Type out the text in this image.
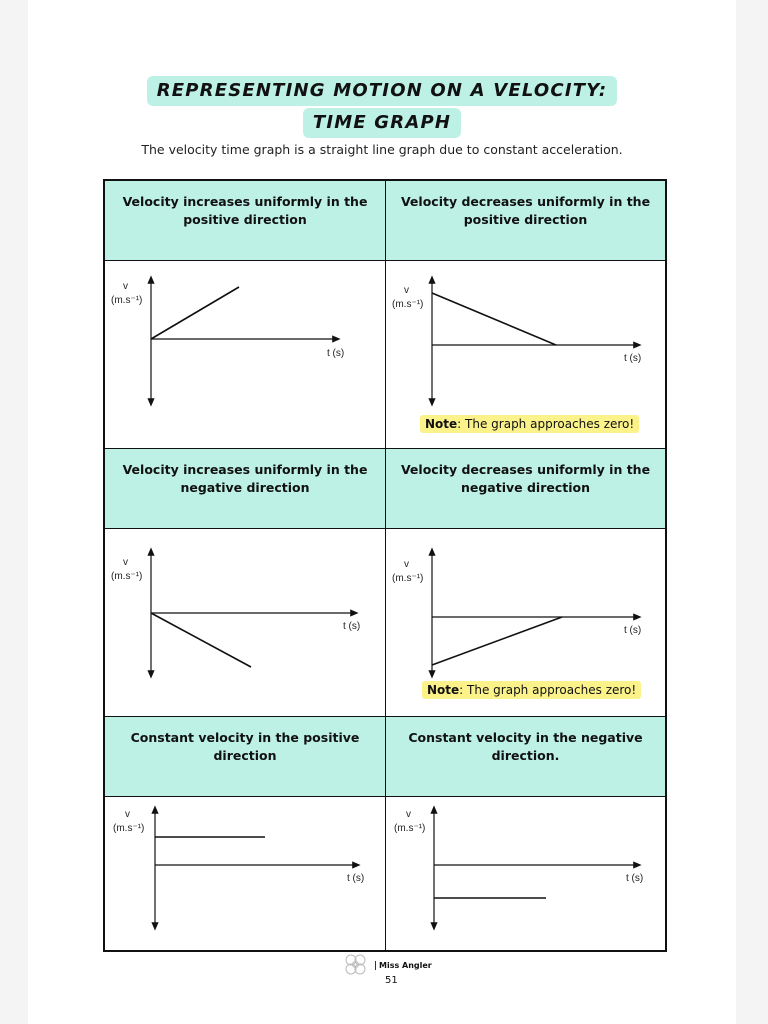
REPRESENTING MOTION ON A VELOCITY:
TIME GRAPH
The velocity time graph is a straight line graph due to constant acceleration.
Velocity increases uniformly in the positive direction
Velocity decreases uniformly in the positive direction
v
(m.s⁻¹)
t (s)
v
(m.s⁻¹)
t (s)
Note: The graph approaches zero!
Velocity increases uniformly in the negative direction
Velocity decreases uniformly in the negative direction
v
(m.s⁻¹)
t (s)
v
(m.s⁻¹)
t (s)
Note: The graph approaches zero!
Constant velocity in the positive direction
Constant velocity in the negative direction.
v
(m.s⁻¹)
t (s)
v
(m.s⁻¹)
t (s)
Miss Angler
51
